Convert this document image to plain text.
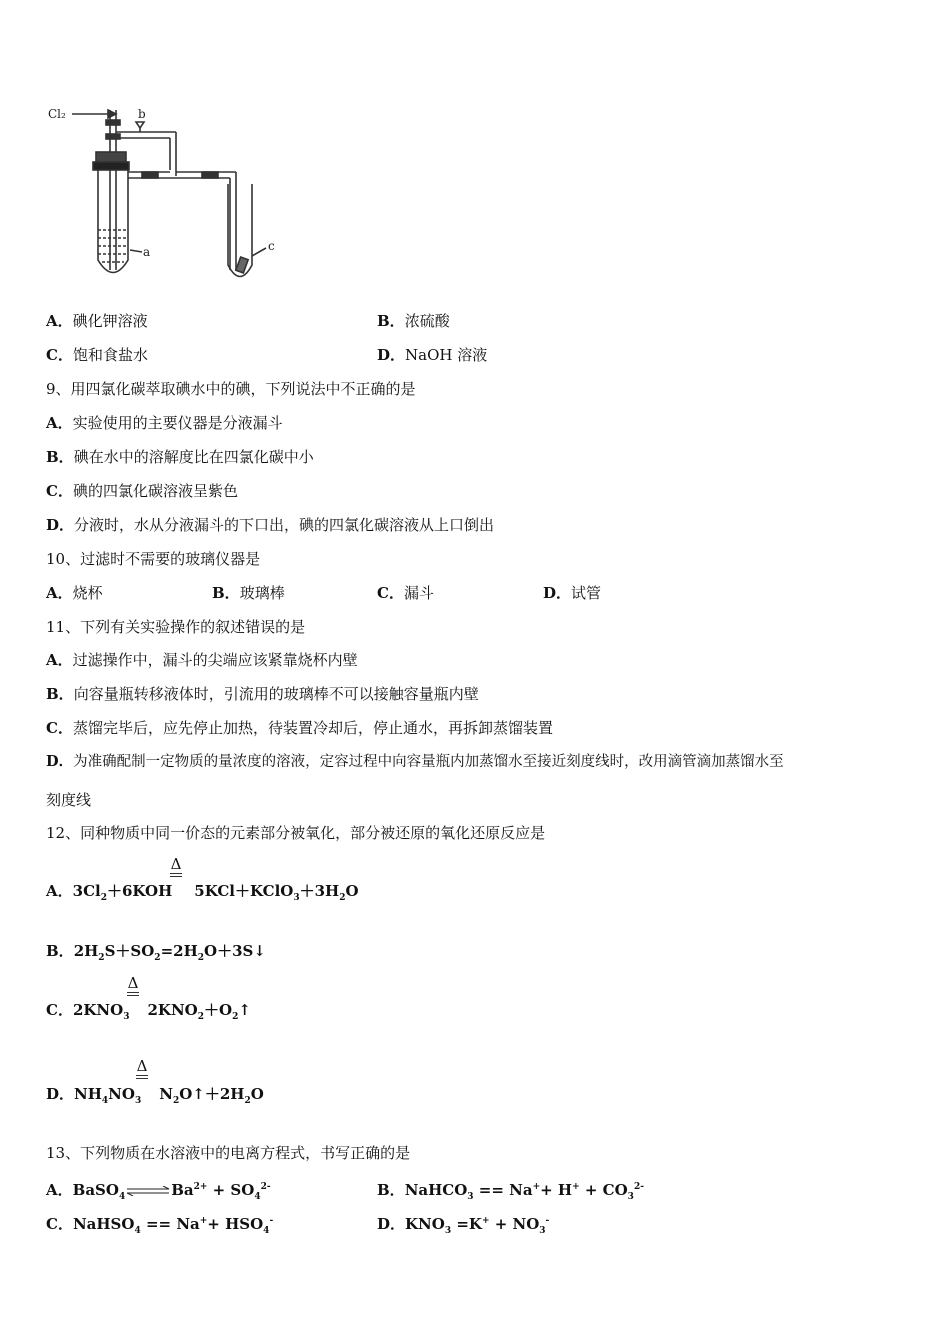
Cl₂	b
a	c
A．碘化钾溶液	B．浓硫酸
C．饱和食盐水	D．NaOH 溶液
9、用四氯化碳萃取碘水中的碘，下列说法中不正确的是
A．实验使用的主要仪器是分液漏斗
B．碘在水中的溶解度比在四氯化碳中小
C．碘的四氯化碳溶液呈紫色
D．分液时，水从分液漏斗的下口出，碘的四氯化碳溶液从上口倒出
10、过滤时不需要的玻璃仪器是
A．烧杯	B．玻璃棒	C．漏斗	D．试管
11、下列有关实验操作的叙述错误的是
A．过滤操作中，漏斗的尖端应该紧靠烧杯内壁
B．向容量瓶转移液体时，引流用的玻璃棒不可以接触容量瓶内壁
C．蒸馏完毕后，应先停止加热，待装置冷却后，停止通水，再拆卸蒸馏装置
D．为准确配制一定物质的量浓度的溶液，定容过程中向容量瓶内加蒸馏水至接近刻度线时，改用滴管滴加蒸馏水至
刻度线
12、同种物质中同一价态的元素部分被氧化，部分被还原的氧化还原反应是
Δ
A．$3Cl_2+6KOH$ $5KCl+KClO_3+3H_2O$
B．$2H_2S+SO_2=2H_2O+3S↓$
Δ
C．$2KNO_3$ $2KNO_2+O_2↑$
Δ
D．$NH_4NO_3$ $N_2O↑+2H_2O$
13、下列物质在水溶液中的电离方程式，书写正确的是
A．$BaSO_4\rightleftharpoons Ba^{2+} + SO_4^{2-}$	B．NaHCO$_3$ == $Na^++ H^+ + CO_3^{2-}$
C．NaHSO$_4$ == $Na^++ HSO_4^-$	D．$KNO_3 =K^+ + NO_3^-$
